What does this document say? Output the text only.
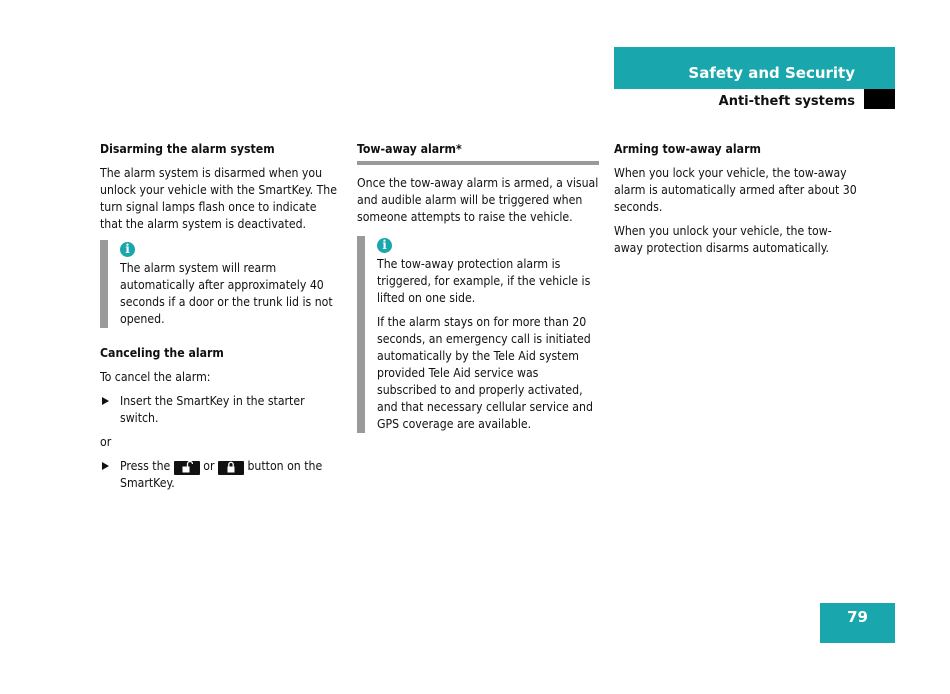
Safety and Security
Anti-theft systems
Disarming the alarm system

The alarm system is disarmed when you unlock your vehicle with the SmartKey. The turn signal lamps flash once to indicate that the alarm system is deactivated.

i
The alarm system will rearm automatically after approximately 40 seconds if a door or the trunk lid is not opened.
Canceling the alarm

To cancel the alarm:

Insert the SmartKey in the starter switch.

or

Press the	or	button on the SmartKey.
Tow-away alarm*

Once the tow-away alarm is armed, a visual and audible alarm will be triggered when someone attempts to raise the vehicle.

i

The tow-away protection alarm is triggered, for example, if the vehicle is lifted on one side.

If the alarm stays on for more than 20 seconds, an emergency call is initiated automatically by the Tele Aid system provided Tele Aid service was subscribed to and properly activated, and that necessary cellular service and GPS coverage are available.

Arming tow-away alarm

When you lock your vehicle, the tow-away alarm is automatically armed after about 30 seconds.

When you unlock your vehicle, the tow-away protection disarms automatically.

79
